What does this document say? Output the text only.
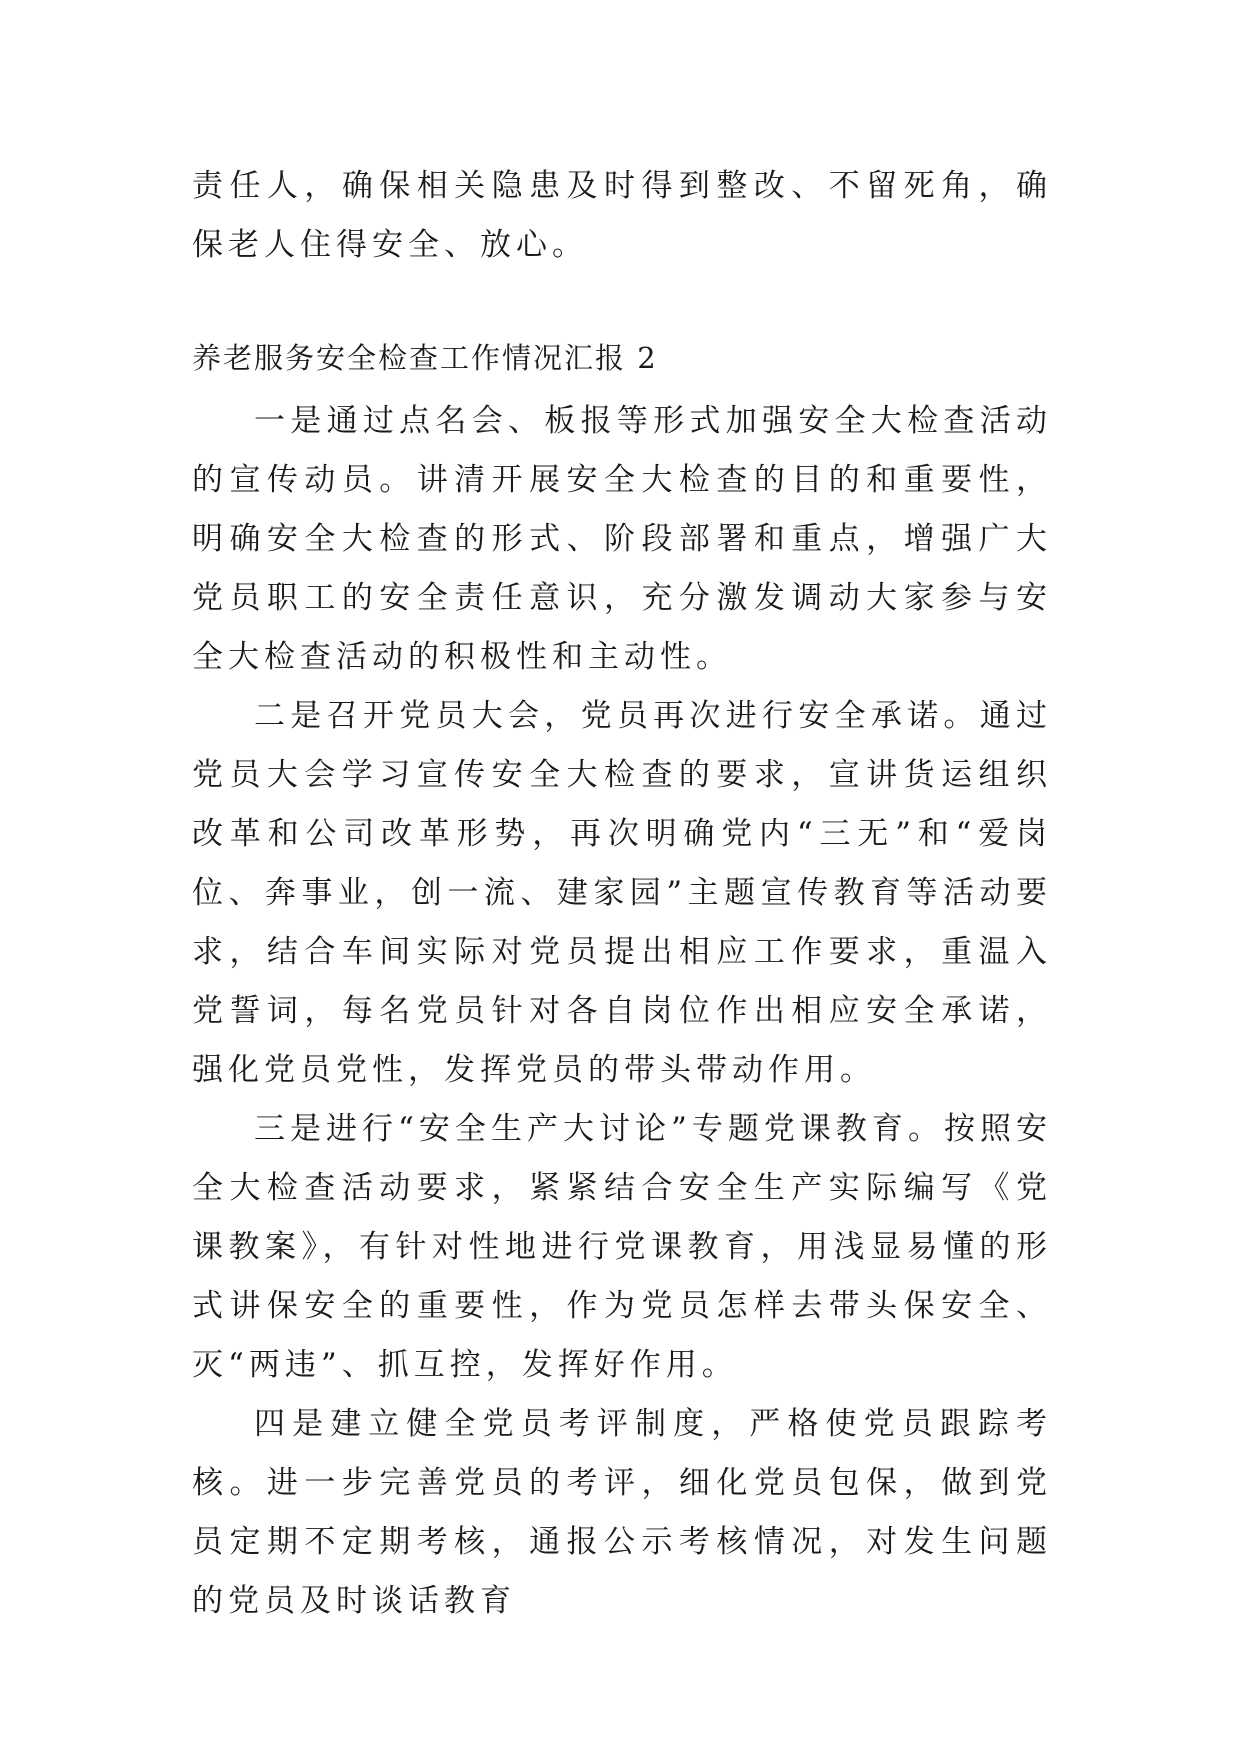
责任人，确保相关隐患及时得到整改、不留死角，确保老人住得安全、放心。

养老服务安全检查工作情况汇报 2

一是通过点名会、板报等形式加强安全大检查活动的宣传动员。讲清开展安全大检查的目的和重要性，明确安全大检查的形式、阶段部署和重点，增强广大党员职工的安全责任意识，充分激发调动大家参与安全大检查活动的积极性和主动性。

二是召开党员大会，党员再次进行安全承诺。通过党员大会学习宣传安全大检查的要求，宣讲货运组织改革和公司改革形势，再次明确党内“三无”和“爱岗位、奔事业，创一流、建家园”主题宣传教育等活动要求，结合车间实际对党员提出相应工作要求，重温入党誓词，每名党员针对各自岗位作出相应安全承诺，强化党员党性，发挥党员的带头带动作用。

三是进行“安全生产大讨论”专题党课教育。按照安全大检查活动要求，紧紧结合安全生产实际编写《党课教案》，有针对性地进行党课教育，用浅显易懂的形式讲保安全的重要性，作为党员怎样去带头保安全、灭“两违”、抓互控，发挥好作用。

四是建立健全党员考评制度，严格使党员跟踪考核。进一步完善党员的考评，细化党员包保，做到党员定期不定期考核，通报公示考核情况，对发生问题的党员及时谈话教育
